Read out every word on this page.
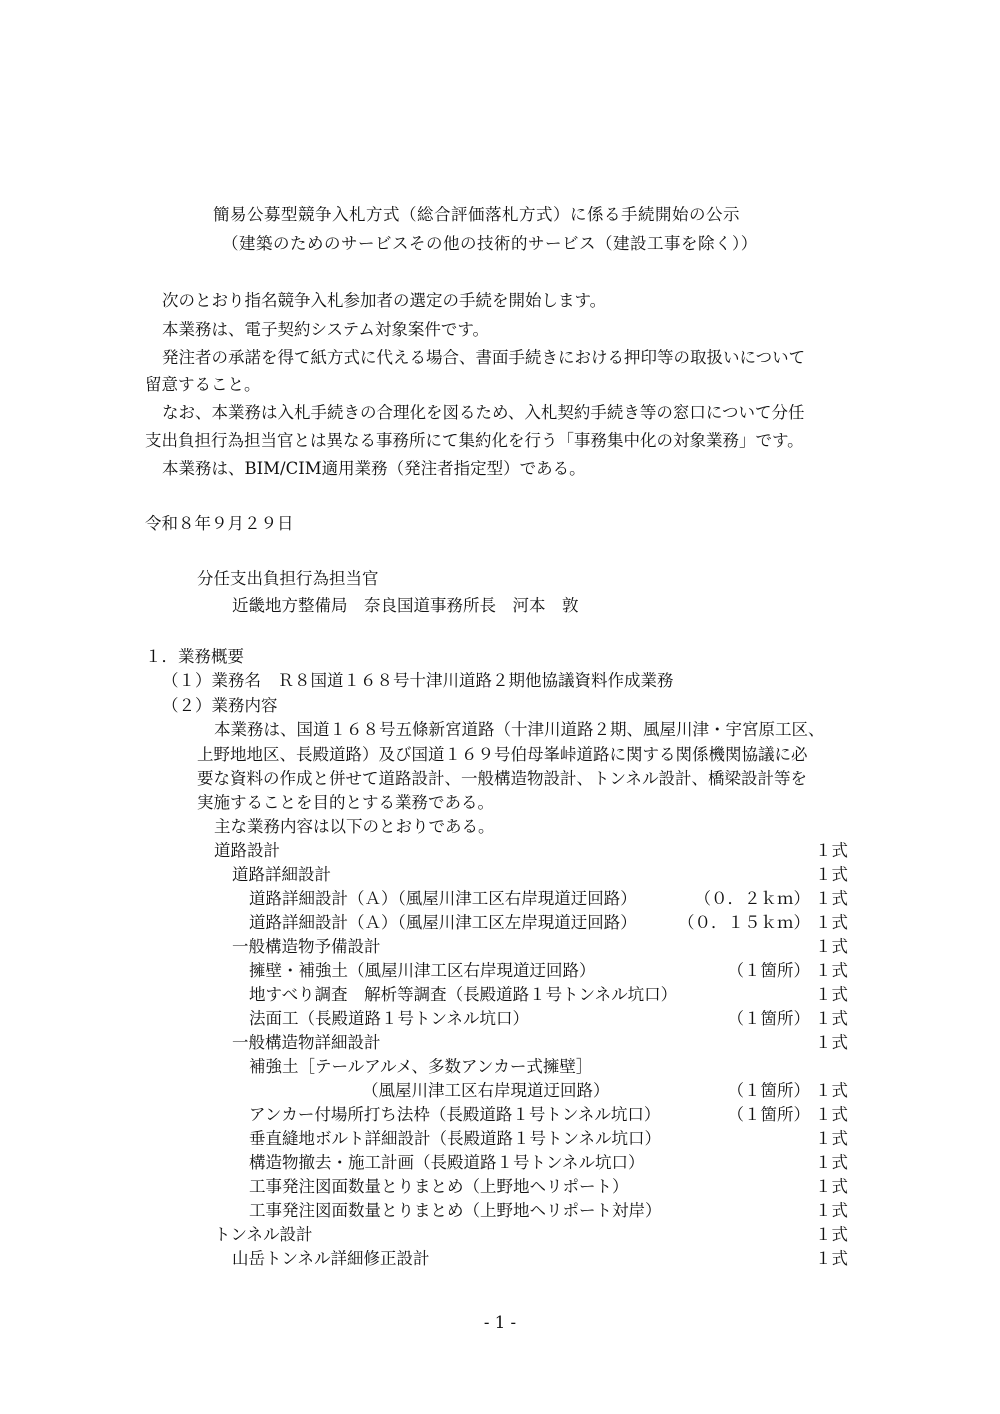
簡易公募型競争入札方式（総合評価落札方式）に係る手続開始の公示
（建築のためのサービスその他の技術的サービス（建設工事を除く））
次のとおり指名競争入札参加者の選定の手続を開始します。
本業務は、電子契約システム対象案件です。
発注者の承諾を得て紙方式に代える場合、書面手続きにおける押印等の取扱いについて
留意すること。
なお、本業務は入札手続きの合理化を図るため、入札契約手続き等の窓口について分任
支出負担行為担当官とは異なる事務所にて集約化を行う「事務集中化の対象業務」です。
本業務は、BIM/CIM適用業務（発注者指定型）である。
令和８年９月２９日
分任支出負担行為担当官
近畿地方整備局　奈良国道事務所長　河本　敦
１．業務概要
（１）業務名　Ｒ８国道１６８号十津川道路２期他協議資料作成業務
（２）業務内容
本業務は、国道１６８号五條新宮道路（十津川道路２期、風屋川津・宇宮原工区、
上野地地区、長殿道路）及び国道１６９号伯母峯峠道路に関する関係機関協議に必
要な資料の作成と併せて道路設計、一般構造物設計、トンネル設計、橋梁設計等を
実施することを目的とする業務である。
主な業務内容は以下のとおりである。
道路設計	１式
道路詳細設計	１式
道路詳細設計（Ａ）（風屋川津工区右岸現道迂回路）	（０．２ｋｍ） １式
道路詳細設計（Ａ）（風屋川津工区左岸現道迂回路）	（０．１５ｋｍ） １式
一般構造物予備設計	１式
擁壁・補強土（風屋川津工区右岸現道迂回路）	（１箇所） １式
地すべり調査　解析等調査（長殿道路１号トンネル坑口）	１式
法面工（長殿道路１号トンネル坑口）	（１箇所） １式
一般構造物詳細設計	１式
補強土［テールアルメ、多数アンカー式擁壁］
（風屋川津工区右岸現道迂回路）	（１箇所） １式
アンカー付場所打ち法枠（長殿道路１号トンネル坑口）	（１箇所） １式
垂直縫地ボルト詳細設計（長殿道路１号トンネル坑口）	１式
構造物撤去・施工計画（長殿道路１号トンネル坑口）	１式
工事発注図面数量とりまとめ（上野地ヘリポート）	１式
工事発注図面数量とりまとめ（上野地ヘリポート対岸）	１式
トンネル設計	１式
山岳トンネル詳細修正設計	１式
- 1 -
